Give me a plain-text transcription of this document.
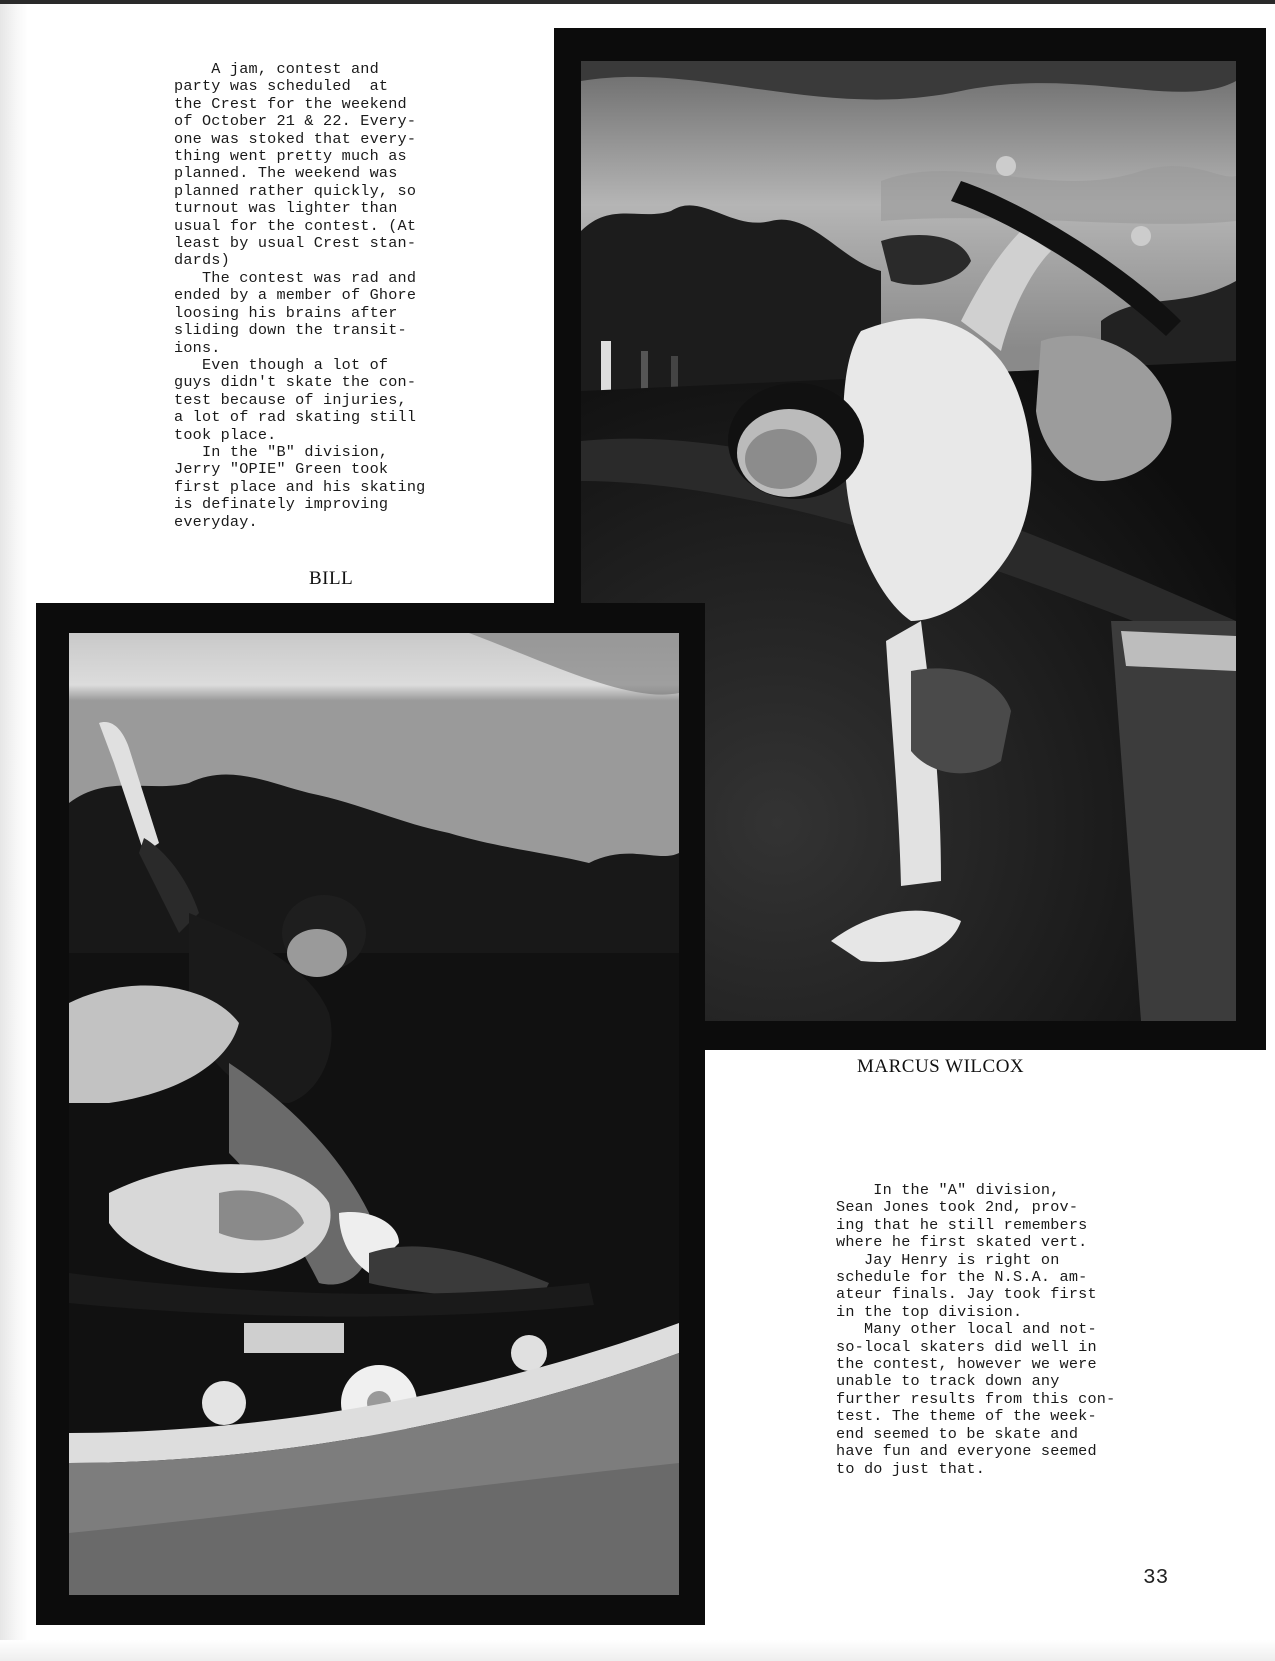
A jam, contest and
party was scheduled  at
the Crest for the weekend
of October 21 & 22. Every-
one was stoked that every-
thing went pretty much as
planned. The weekend was
planned rather quickly, so
turnout was lighter than
usual for the contest. (At
least by usual Crest stan-
dards)
The contest was rad and
ended by a member of Ghore
loosing his brains after
sliding down the transit-
ions.
Even though a lot of
guys didn't skate the con-
test because of injuries,
a lot of rad skating still
took place.
In the "B" division,
Jerry "OPIE" Green took
first place and his skating
is definately improving
everyday.
BILL
MARCUS WILCOX
In the "A" division,
Sean Jones took 2nd, prov-
ing that he still remembers
where he first skated vert.
Jay Henry is right on
schedule for the N.S.A. am-
ateur finals. Jay took first
in the top division.
Many other local and not-
so-local skaters did well in
the contest, however we were
unable to track down any
further results from this con-
test. The theme of the week-
end seemed to be skate and
have fun and everyone seemed
to do just that.
33
